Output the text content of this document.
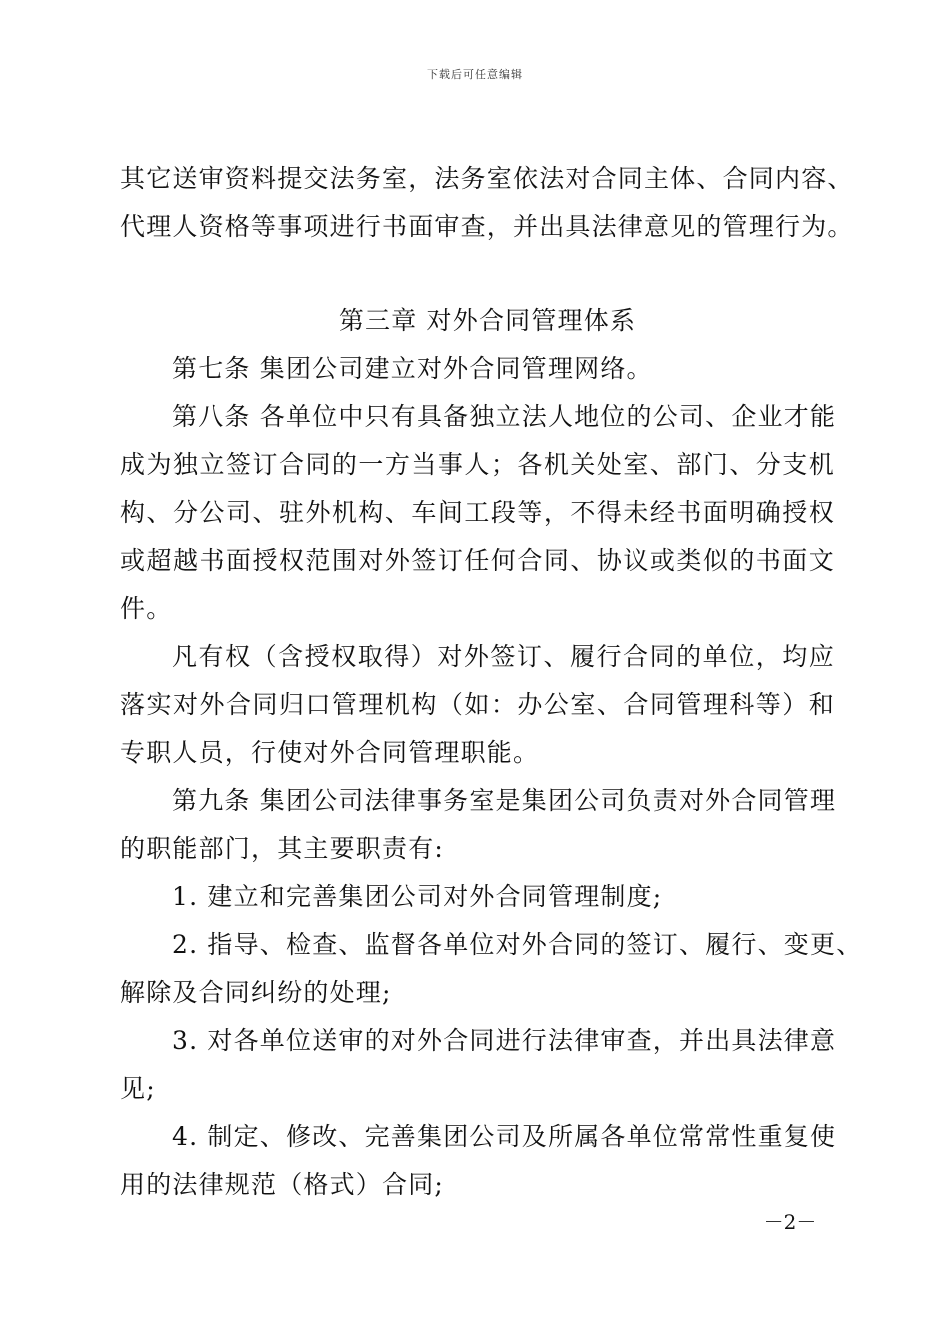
下载后可任意编辑
其它送审资料提交法务室，法务室依法对合同主体、合同内容、
代理人资格等事项进行书面审查，并出具法律意见的管理行为。
第三章 对外合同管理体系
第七条 集团公司建立对外合同管理网络。
第八条 各单位中只有具备独立法人地位的公司、企业才能
成为独立签订合同的一方当事人；各机关处室、部门、分支机
构、分公司、驻外机构、车间工段等，不得未经书面明确授权
或超越书面授权范围对外签订任何合同、协议或类似的书面文
件。
凡有权（含授权取得）对外签订、履行合同的单位，均应
落实对外合同归口管理机构（如：办公室、合同管理科等）和
专职人员，行使对外合同管理职能。
第九条 集团公司法律事务室是集团公司负责对外合同管理
的职能部门，其主要职责有:
1. 建立和完善集团公司对外合同管理制度;
2. 指导、检查、监督各单位对外合同的签订、履行、变更、
解除及合同纠纷的处理;
3. 对各单位送审的对外合同进行法律审查，并出具法律意
见;
4. 制定、修改、完善集团公司及所属各单位常常性重复使
用的法律规范（格式）合同;
－2－
